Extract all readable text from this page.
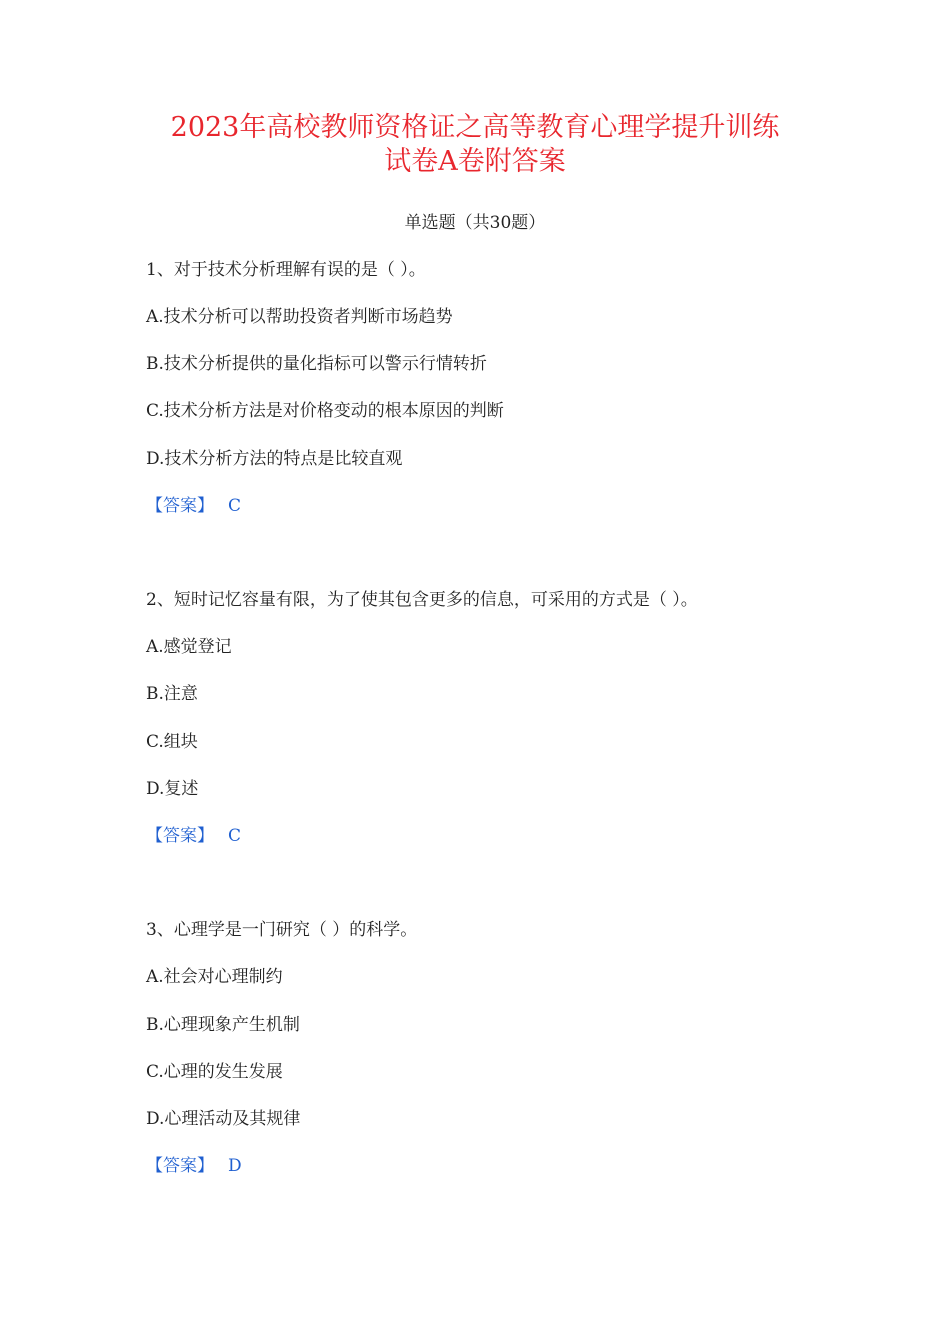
2023年高校教师资格证之高等教育心理学提升训练
试卷A卷附答案
单选题（共30题）
1、对于技术分析理解有误的是（ ）。
A.技术分析可以帮助投资者判断市场趋势
B.技术分析提供的量化指标可以警示行情转折
C.技术分析方法是对价格变动的根本原因的判断
D.技术分析方法的特点是比较直观
【答案】 C
2、短时记忆容量有限，为了使其包含更多的信息，可采用的方式是（ ）。
A.感觉登记
B.注意
C.组块
D.复述
【答案】 C
3、心理学是一门研究（ ）的科学。
A.社会对心理制约
B.心理现象产生机制
C.心理的发生发展
D.心理活动及其规律
【答案】 D
